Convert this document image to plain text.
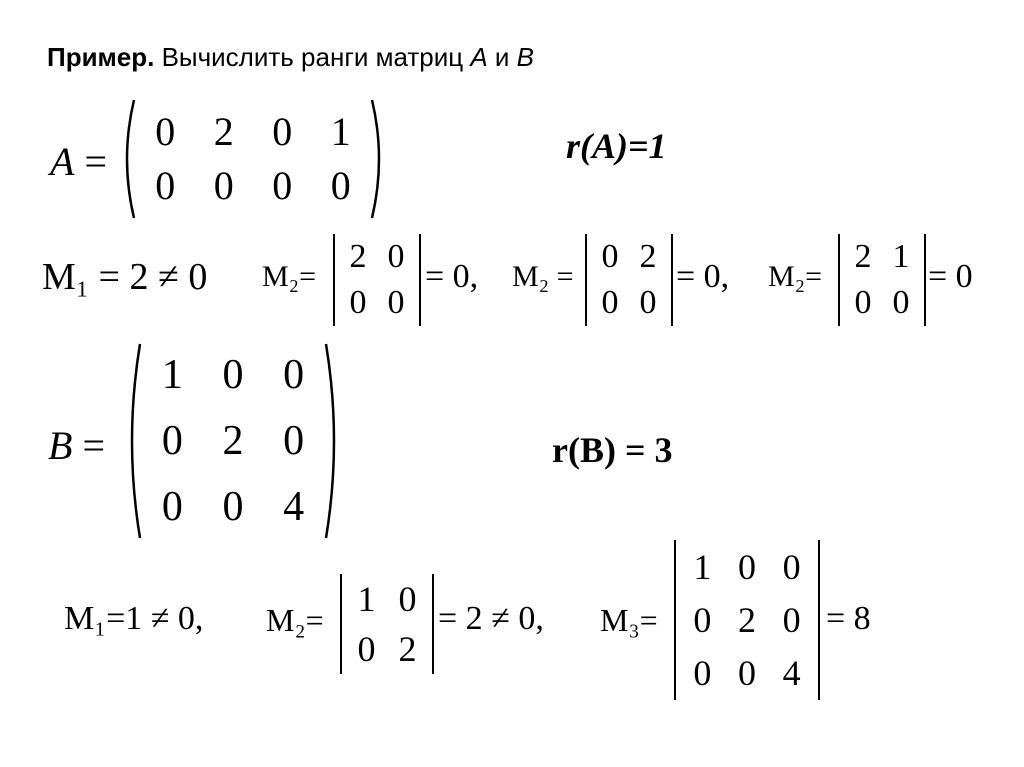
Пример. Вычислить ранги матриц A и B
A =
0 2 0 1
0 0 0 0
r(A)=1
M₁ = 2 ≠ 0 M₂=
2 0
0 0
= 0, M₂ =
0 2
0 0
= 0, M₂=
2 1
0 0
= 0
B =
1 0 0
0 2 0
0 0 4
r(B) = 3
M₁=1 ≠ 0, M₂=
1 0
0 2
= 2 ≠ 0, M₃=
1 0 0
0 2 0
0 0 4
= 8
